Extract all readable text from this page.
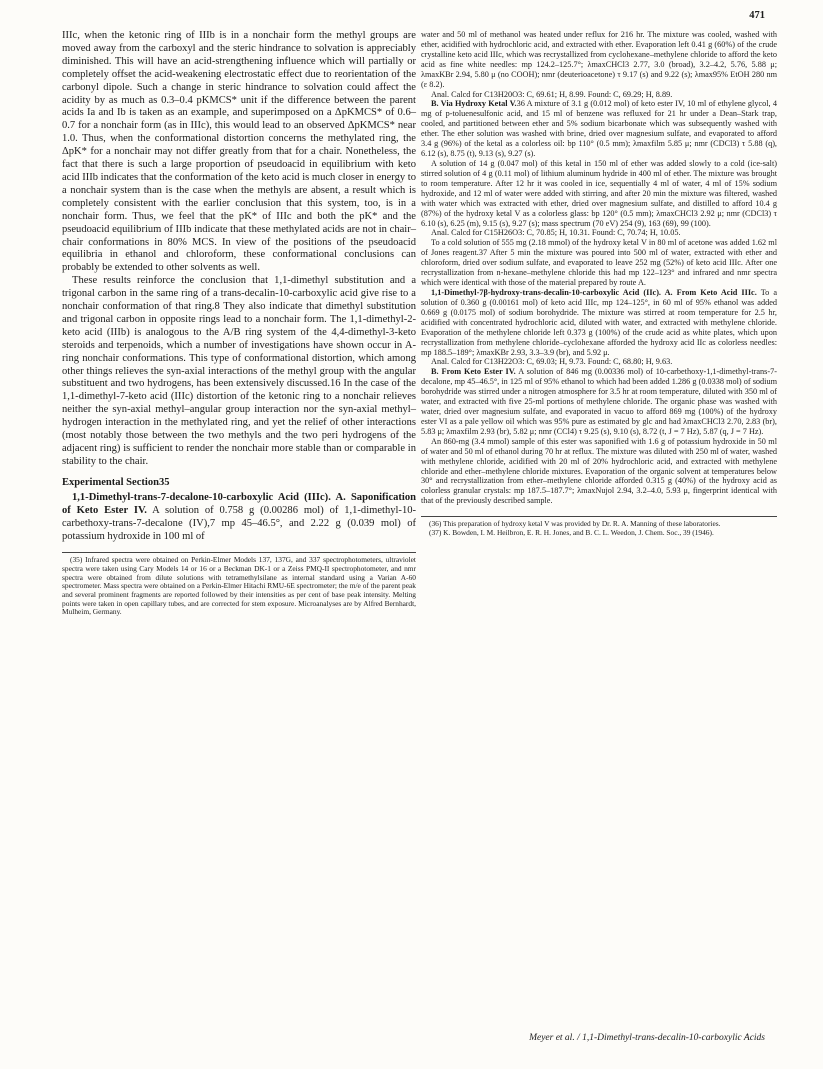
471

IIIc, when the ketonic ring of IIIb is in a nonchair form the methyl groups are moved away from the carboxyl and the steric hindrance to solvation is appreciably diminished. This will have an acid-strengthening influence which will partially or completely offset the acid-weakening electrostatic effect due to reorientation of the carbonyl dipole. Such a change in steric hindrance to solvation could affect the acidity by as much as 0.3–0.4 pKMCS* unit if the difference between the parent acids Ia and Ib is taken as an example, and superimposed on a ΔpKMCS* of 0.6–0.7 for a nonchair form (as in IIIc), this would lead to an observed ΔpKMCS* near 1.0. Thus, when the conformational distortion concerns the methylated ring, the ΔpK* for a nonchair may not differ greatly from that for a chair. Nonetheless, the fact that there is such a large proportion of pseudoacid in equilibrium with keto acid IIIb indicates that the conformation of the keto acid is much closer in energy to a nonchair system than is the case when the methyls are absent, a result which is completely consistent with the earlier conclusion that this system, too, is in a nonchair form. Thus, we feel that the pK* of IIIc and both the pK* and the pseudoacid equilibrium of IIIb indicate that these methylated acids are not in chair–chair conformations in 80% MCS. In view of the positions of the pseudoacid equilibria in ethanol and chloroform, these conformational conclusions can probably be extended to other solvents as well.

These results reinforce the conclusion that 1,1-dimethyl substitution and a trigonal carbon in the same ring of a trans-decalin-10-carboxylic acid give rise to a nonchair conformation of that ring.8 They also indicate that dimethyl substitution and trigonal carbon in opposite rings lead to a nonchair form. The 1,1-dimethyl-2-keto acid (IIIb) is analogous to the A/B ring system of the 4,4-dimethyl-3-keto steroids and terpenoids, which a number of investigations have shown occur in A-ring nonchair conformations. This type of conformational distortion, which among other things relieves the syn-axial interactions of the methyl group with the angular substituent and two hydrogens, has been extensively discussed.16 In the case of the 1,1-dimethyl-7-keto acid (IIIc) distortion of the ketonic ring to a nonchair relieves neither the syn-axial methyl–angular group interaction nor the syn-axial methyl–hydrogen interaction in the methylated ring, and yet the relief of other interactions (most notably those between the two methyls and the two peri hydrogens of the adjacent ring) is sufficient to render the nonchair more stable than or comparable in stability to the chair.

Experimental Section35

1,1-Dimethyl-trans-7-decalone-10-carboxylic Acid (IIIc). A. Saponification of Keto Ester IV. A solution of 0.758 g (0.00286 mol) of 1,1-dimethyl-10-carbethoxy-trans-7-decalone (IV),7 mp 45–46.5°, and 2.22 g (0.039 mol) of potassium hydroxide in 100 ml of

(35) Infrared spectra were obtained on Perkin-Elmer Models 137, 137G, and 337 spectrophotometers, ultraviolet spectra were taken using Cary Models 14 or 16 or a Beckman DK-1 or a Zeiss PMQ-II spectrophotometer, and nmr spectra were obtained from dilute solutions with tetramethylsilane as internal standard using a Varian A-60 spectrometer. Mass spectra were obtained on a Perkin-Elmer Hitachi RMU-6E spectrometer; the m/e of the parent peak and several prominent fragments are reported followed by their intensities as per cent of base peak intensity. Melting points were taken in open capillary tubes, and are corrected for stem exposure. Microanalyses are by Alfred Bernhardt, Mulheim, Germany.

water and 50 ml of methanol was heated under reflux for 216 hr. The mixture was cooled, washed with ether, acidified with hydrochloric acid, and extracted with ether. Evaporation left 0.41 g (60%) of the crude crystalline keto acid IIIc, which was recrystallized from cyclohexane–methylene chloride to afford the keto acid as fine white needles: mp 124.2–125.7°; λmaxCHCl3 2.77, 3.0 (broad), 3.2–4.2, 5.76, 5.88 μ; λmaxKBr 2.94, 5.80 μ (no COOH); nmr (deuterioacetone) τ 9.17 (s) and 9.22 (s); λmax95% EtOH 280 nm (ε 8.2).

Anal. Calcd for C13H20O3: C, 69.61; H, 8.99. Found: C, 69.29; H, 8.89.

B. Via Hydroxy Ketal V.36 A mixture of 3.1 g (0.012 mol) of keto ester IV, 10 ml of ethylene glycol, 4 mg of p-toluenesulfonic acid, and 15 ml of benzene was refluxed for 21 hr under a Dean–Stark trap, cooled, and partitioned between ether and 5% sodium bicarbonate which was subsequently washed with ether. The ether solution was washed with brine, dried over magnesium sulfate, and evaporated to afford 3.4 g (96%) of the ketal as a colorless oil: bp 110° (0.5 mm); λmaxfilm 5.85 μ; nmr (CDCl3) τ 5.88 (q), 6.12 (s), 8.75 (t), 9.13 (s), 9.27 (s).

A solution of 14 g (0.047 mol) of this ketal in 150 ml of ether was added slowly to a cold (ice-salt) stirred solution of 4 g (0.11 mol) of lithium aluminum hydride in 400 ml of ether. The mixture was brought to room temperature. After 12 hr it was cooled in ice, sequentially 4 ml of water, 4 ml of 15% sodium hydroxide, and 12 ml of water were added with stirring, and after 20 min the mixture was filtered, washed with water which was extracted with ether, dried over magnesium sulfate, and distilled to afford 10.4 g (87%) of the hydroxy ketal V as a colorless glass: bp 120° (0.5 mm); λmaxCHCl3 2.92 μ; nmr (CDCl3) τ 6.10 (s), 6.25 (m), 9.15 (s), 9.27 (s); mass spectrum (70 eV) 254 (9), 163 (69), 99 (100).

Anal. Calcd for C15H26O3: C, 70.85; H, 10.31. Found: C, 70.74; H, 10.05.

To a cold solution of 555 mg (2.18 mmol) of the hydroxy ketal V in 80 ml of acetone was added 1.62 ml of Jones reagent.37 After 5 min the mixture was poured into 500 ml of water, extracted with ether and chloroform, dried over sodium sulfate, and evaporated to leave 252 mg (52%) of keto acid IIIc. After one recrystallization from n-hexane–methylene chloride this had mp 122–123° and infrared and nmr spectra which were identical with those of the material prepared by route A.

1,1-Dimethyl-7β-hydroxy-trans-decalin-10-carboxylic Acid (IIc). A. From Keto Acid IIIc. To a solution of 0.360 g (0.00161 mol) of keto acid IIIc, mp 124–125°, in 60 ml of 95% ethanol was added 0.669 g (0.0175 mol) of sodium borohydride. The mixture was stirred at room temperature for 2.5 hr, acidified with concentrated hydrochloric acid, diluted with water, and extracted with methylene chloride. Evaporation of the methylene chloride left 0.373 g (100%) of the crude acid as white plates, which upon recrystallization from methylene chloride–cyclohexane afforded the hydroxy acid IIc as colorless needles: mp 188.5–189°; λmaxKBr 2.93, 3.3–3.9 (br), and 5.92 μ.

Anal. Calcd for C13H22O3: C, 69.03; H, 9.73. Found: C, 68.80; H, 9.63.

B. From Keto Ester IV. A solution of 846 mg (0.00336 mol) of 10-carbethoxy-1,1-dimethyl-trans-7-decalone, mp 45–46.5°, in 125 ml of 95% ethanol to which had been added 1.286 g (0.0338 mol) of sodium borohydride was stirred under a nitrogen atmosphere for 3.5 hr at room temperature, diluted with 350 ml of water, and extracted with five 25-ml portions of methylene chloride. The organic phase was washed with water, dried over magnesium sulfate, and evaporated in vacuo to afford 869 mg (100%) of the hydroxy ester VI as a pale yellow oil which was 95% pure as estimated by glc and had λmaxCHCl3 2.70, 2.83 (br), 5.83 μ; λmaxfilm 2.93 (br), 5.82 μ; nmr (CCl4) τ 9.25 (s), 9.10 (s), 8.72 (t, J = 7 Hz), 5.87 (q, J = 7 Hz).

An 860-mg (3.4 mmol) sample of this ester was saponified with 1.6 g of potassium hydroxide in 50 ml of water and 50 ml of ethanol during 70 hr at reflux. The mixture was diluted with 250 ml of water, washed with methylene chloride, acidified with 20 ml of 20% hydrochloric acid, and extracted with methylene chloride and ether–methylene chloride mixtures. Evaporation of the organic solvent at temperatures below 30° and recrystallization from ether–methylene chloride afforded 0.315 g (40%) of the hydroxy acid as colorless granular crystals: mp 187.5–187.7°; λmaxNujol 2.94, 3.2–4.0, 5.93 μ, fingerprint identical with that of the previously described sample.

(36) This preparation of hydroxy ketal V was provided by Dr. R. A. Manning of these laboratories.

(37) K. Bowden, I. M. Heilbron, E. R. H. Jones, and B. C. L. Weedon, J. Chem. Soc., 39 (1946).

Meyer et al. / 1,1-Dimethyl-trans-decalin-10-carboxylic Acids
